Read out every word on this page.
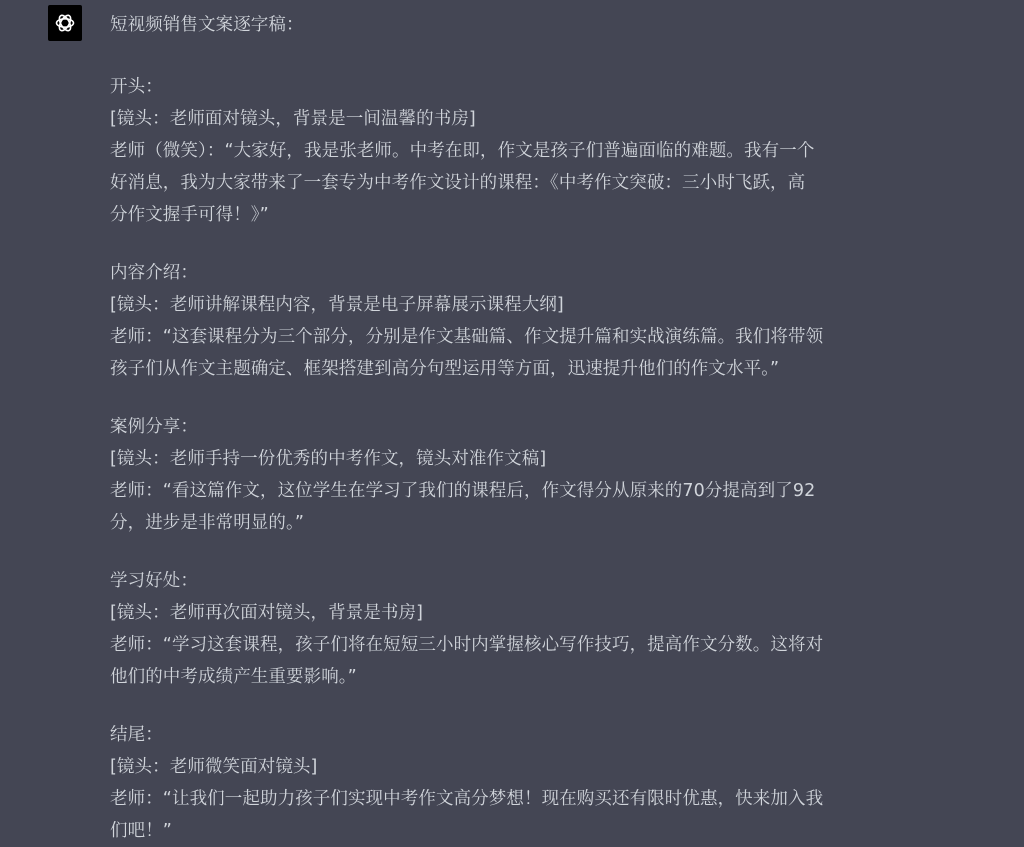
短视频销售文案逐字稿：
开头：
[镜头：老师面对镜头，背景是一间温馨的书房]
老师（微笑）：“大家好，我是张老师。中考在即，作文是孩子们普遍面临的难题。我有一个
好消息，我为大家带来了一套专为中考作文设计的课程：《中考作文突破：三小时飞跃，高
分作文握手可得！》”
内容介绍：
[镜头：老师讲解课程内容，背景是电子屏幕展示课程大纲]
老师：“这套课程分为三个部分，分别是作文基础篇、作文提升篇和实战演练篇。我们将带领
孩子们从作文主题确定、框架搭建到高分句型运用等方面，迅速提升他们的作文水平。”
案例分享：
[镜头：老师手持一份优秀的中考作文，镜头对准作文稿]
老师：“看这篇作文，这位学生在学习了我们的课程后，作文得分从原来的70分提高到了92
分，进步是非常明显的。”
学习好处：
[镜头：老师再次面对镜头，背景是书房]
老师：“学习这套课程，孩子们将在短短三小时内掌握核心写作技巧，提高作文分数。这将对
他们的中考成绩产生重要影响。”
结尾：
[镜头：老师微笑面对镜头]
老师：“让我们一起助力孩子们实现中考作文高分梦想！现在购买还有限时优惠，快来加入我
们吧！”
